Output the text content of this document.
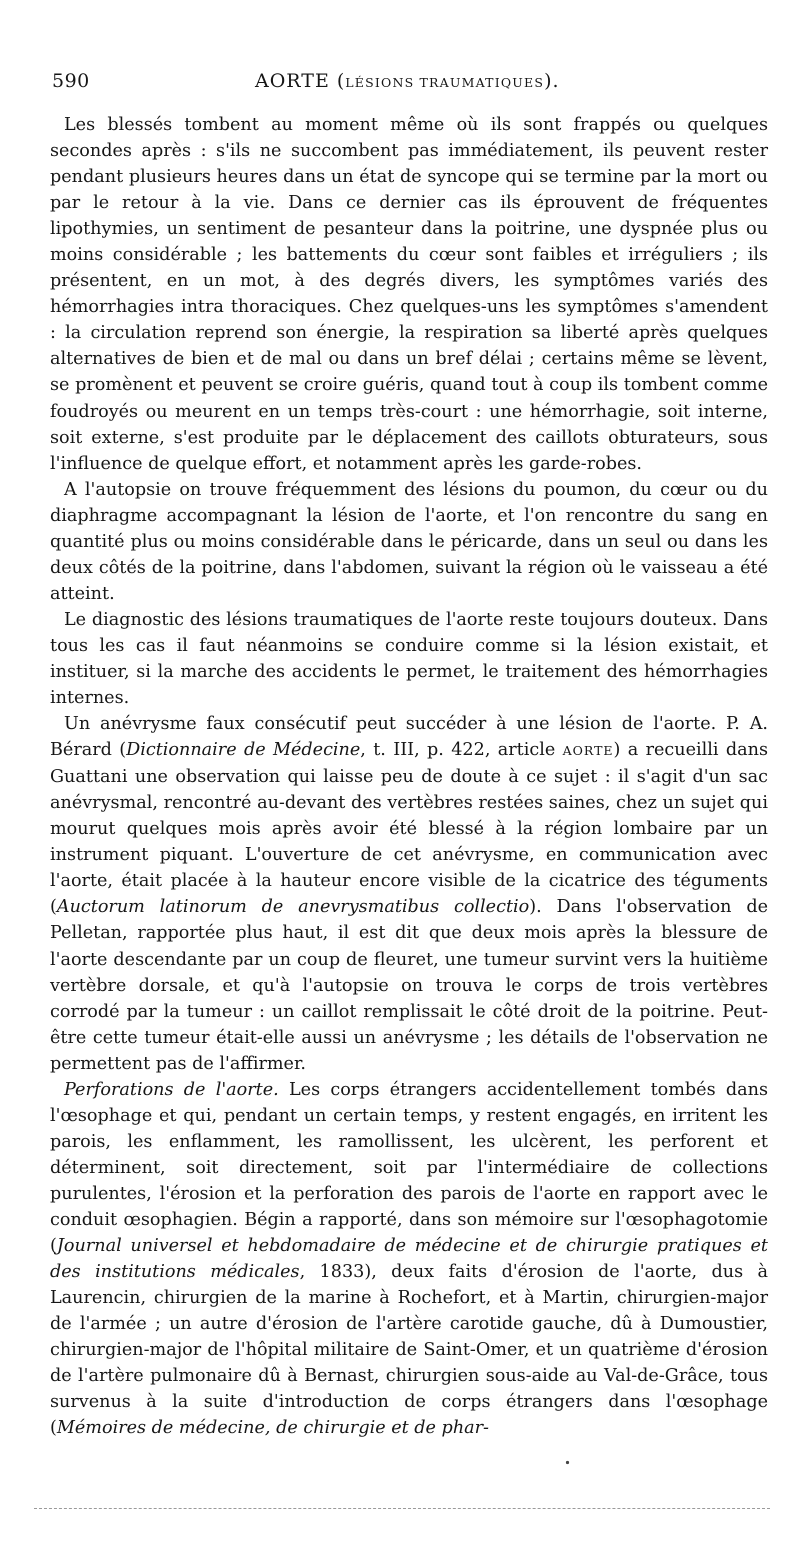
590	AORTE (LÉSIONS TRAUMATIQUES).

Les blessés tombent au moment même où ils sont frappés ou quelques secondes après : s'ils ne succombent pas immédiatement, ils peuvent rester pendant plusieurs heures dans un état de syncope qui se termine par la mort ou par le retour à la vie. Dans ce dernier cas ils éprouvent de fréquentes lipothymies, un sentiment de pesanteur dans la poitrine, une dyspnée plus ou moins considérable ; les battements du cœur sont faibles et irréguliers ; ils présentent, en un mot, à des degrés divers, les symptômes variés des hémorrhagies intra thoraciques. Chez quelques-uns les symptômes s'amendent : la circulation reprend son énergie, la respiration sa liberté après quelques alternatives de bien et de mal ou dans un bref délai ; certains même se lèvent, se promènent et peuvent se croire guéris, quand tout à coup ils tombent comme foudroyés ou meurent en un temps très-court : une hémorrhagie, soit interne, soit externe, s'est produite par le déplacement des caillots obturateurs, sous l'influence de quelque effort, et notamment après les garde-robes.

A l'autopsie on trouve fréquemment des lésions du poumon, du cœur ou du diaphragme accompagnant la lésion de l'aorte, et l'on rencontre du sang en quantité plus ou moins considérable dans le péricarde, dans un seul ou dans les deux côtés de la poitrine, dans l'abdomen, suivant la région où le vaisseau a été atteint.

Le diagnostic des lésions traumatiques de l'aorte reste toujours douteux. Dans tous les cas il faut néanmoins se conduire comme si la lésion existait, et instituer, si la marche des accidents le permet, le traitement des hémorrhagies internes.

Un anévrysme faux consécutif peut succéder à une lésion de l'aorte. P. A. Bérard (Dictionnaire de Médecine, t. III, p. 422, article AORTE) a recueilli dans Guattani une observation qui laisse peu de doute à ce sujet : il s'agit d'un sac anévrysmal, rencontré au-devant des vertèbres restées saines, chez un sujet qui mourut quelques mois après avoir été blessé à la région lombaire par un instrument piquant. L'ouverture de cet anévrysme, en communication avec l'aorte, était placée à la hauteur encore visible de la cicatrice des téguments (Auctorum latinorum de anevrysmatibus collectio). Dans l'observation de Pelletan, rapportée plus haut, il est dit que deux mois après la blessure de l'aorte descendante par un coup de fleuret, une tumeur survint vers la huitième vertèbre dorsale, et qu'à l'autopsie on trouva le corps de trois vertèbres corrodé par la tumeur : un caillot remplissait le côté droit de la poitrine. Peut-être cette tumeur était-elle aussi un anévrysme ; les détails de l'observation ne permettent pas de l'affirmer.

Perforations de l'aorte. Les corps étrangers accidentellement tombés dans l'œsophage et qui, pendant un certain temps, y restent engagés, en irritent les parois, les enflamment, les ramollissent, les ulcèrent, les perforent et déterminent, soit directement, soit par l'intermédiaire de collections purulentes, l'érosion et la perforation des parois de l'aorte en rapport avec le conduit œsophagien. Bégin a rapporté, dans son mémoire sur l'œsophagotomie (Journal universel et hebdomadaire de médecine et de chirurgie pratiques et des institutions médicales, 1833), deux faits d'érosion de l'aorte, dus à Laurencin, chirurgien de la marine à Rochefort, et à Martin, chirurgien-major de l'armée ; un autre d'érosion de l'artère carotide gauche, dû à Dumoustier, chirurgien-major de l'hôpital militaire de Saint-Omer, et un quatrième d'érosion de l'artère pulmonaire dû à Bernast, chirurgien sous-aide au Val-de-Grâce, tous survenus à la suite d'introduction de corps étrangers dans l'œsophage (Mémoires de médecine, de chirurgie et de phar-
